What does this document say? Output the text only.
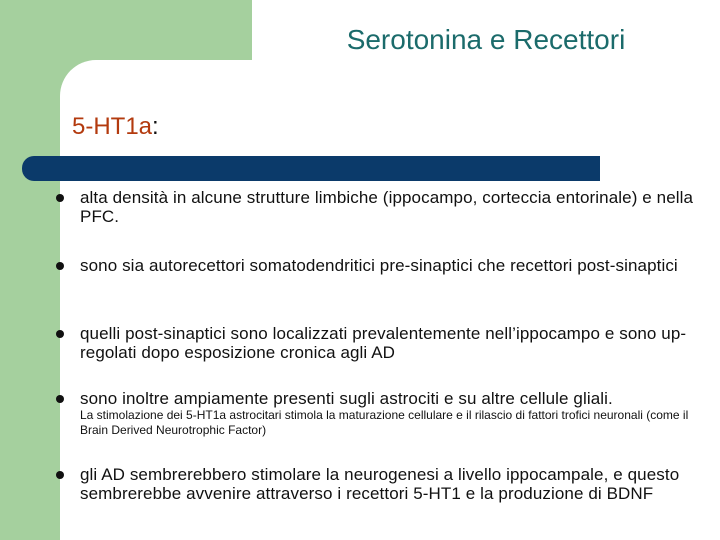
Serotonina e Recettori
5-HT1a:
alta densità in alcune strutture limbiche (ippocampo, corteccia entorinale) e nella PFC.
sono sia autorecettori somatodendritici pre-sinaptici che recettori post-sinaptici
quelli post-sinaptici sono localizzati prevalentemente nell’ippocampo e sono up-regolati dopo esposizione cronica agli AD
sono inoltre ampiamente presenti sugli astrociti e su altre cellule gliali.
La stimolazione dei 5-HT1a astrocitari stimola la maturazione cellulare e il rilascio di fattori trofici neuronali (come il Brain Derived Neurotrophic Factor)
gli AD sembrerebbero stimolare la neurogenesi a livello ippocampale, e questo sembrerebbe avvenire attraverso i recettori 5-HT1 e la produzione di BDNF
